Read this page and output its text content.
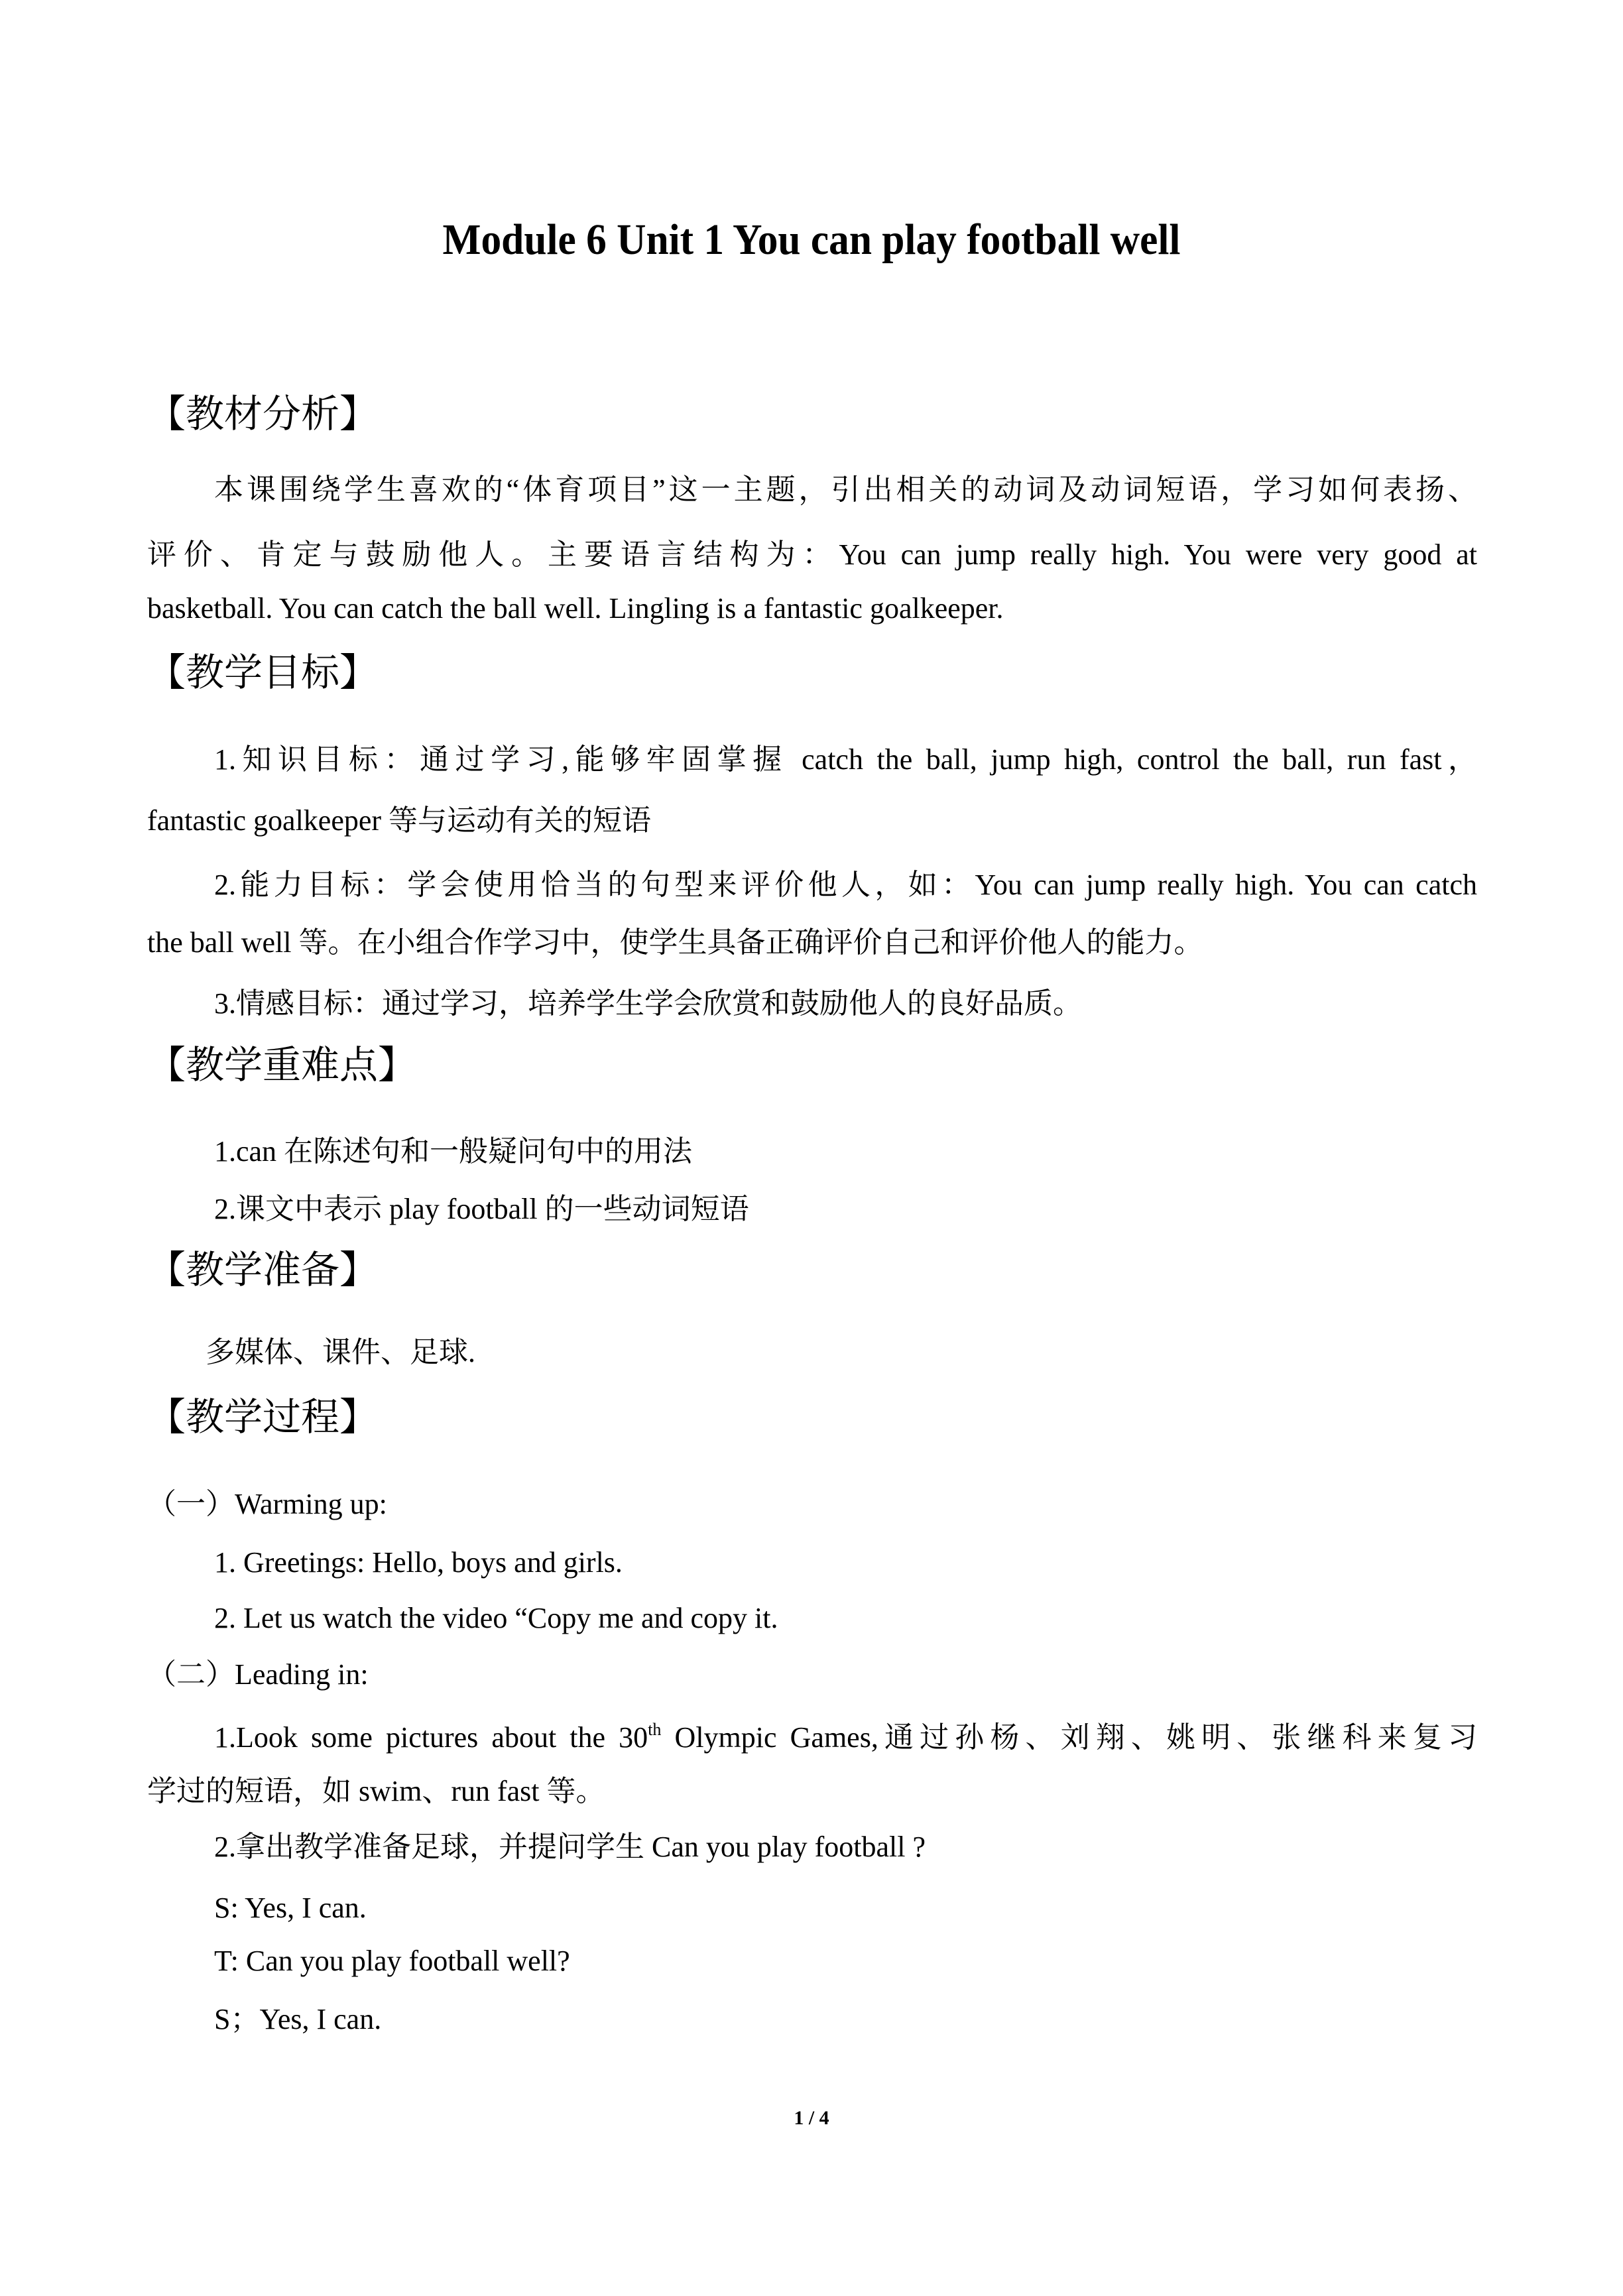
Module 6 Unit 1 You can play football well
【教材分析】
本课围绕学生喜欢的“体育项目”这一主题，引出相关的动词及动词短语，学习如何表扬、
评价、肯定与鼓励他人。主要语言结构为：You can jump really high. You were very good at
basketball. You can catch the ball well. Lingling is a fantastic goalkeeper.
【教学目标】
1.知识目标：通过学习,能够牢固掌握 catch the ball, jump high, control the ball, run fast，
fantastic goalkeeper 等与运动有关的短语
2.能力目标：学会使用恰当的句型来评价他人，如：You can jump really high. You can catch
the ball well 等。在小组合作学习中，使学生具备正确评价自己和评价他人的能力。
3.情感目标：通过学习，培养学生学会欣赏和鼓励他人的良好品质。
【教学重难点】
1.can 在陈述句和一般疑问句中的用法
2.课文中表示 play football 的一些动词短语
【教学准备】
多媒体、课件、足球.
【教学过程】
（一）Warming up:
1. Greetings: Hello, boys and girls.
2. Let us watch the video “Copy me and copy it.
（二）Leading in:
1.Look some pictures about the 30th Olympic Games,通过孙杨、刘翔、姚明、张继科来复习
学过的短语，如 swim、run fast 等。
2.拿出教学准备足球，并提问学生 Can you play football ?
S: Yes, I can.
T: Can you play football well?
S；Yes, I can.
1 / 4
